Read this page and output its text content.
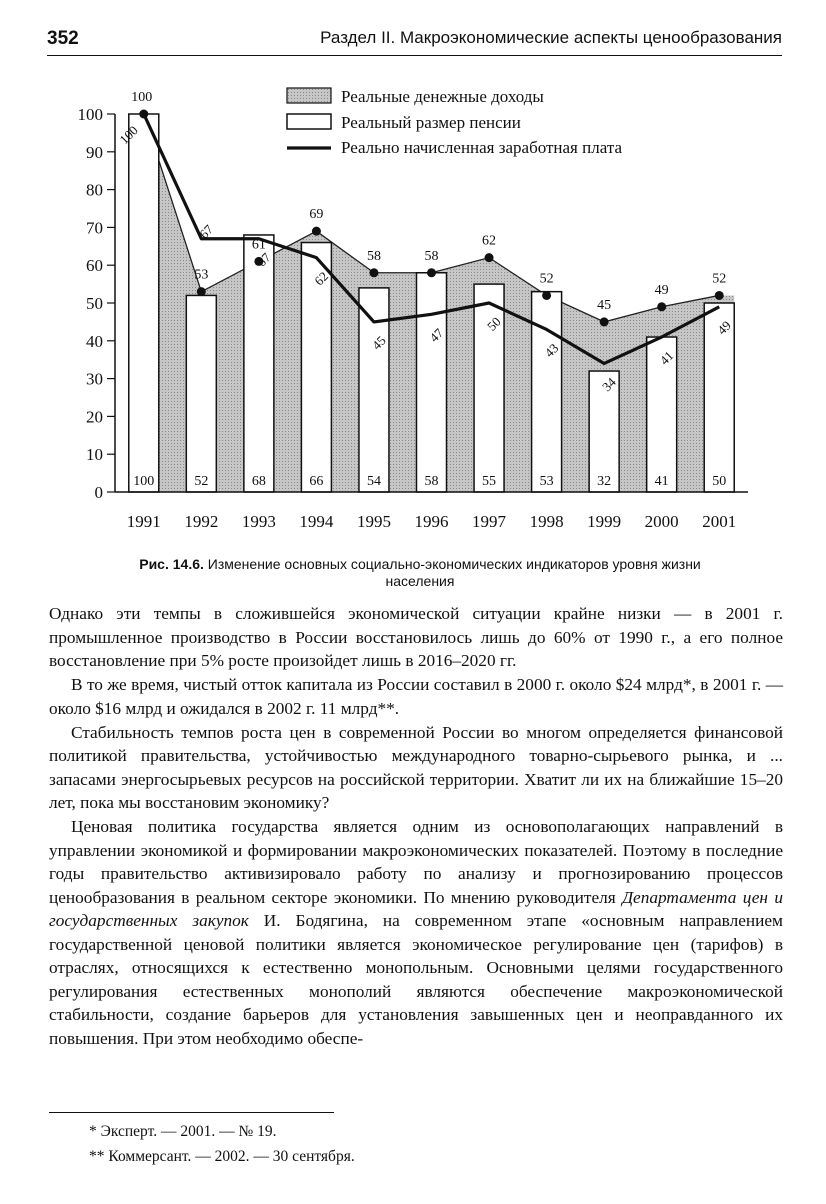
352	Раздел II. Макроэкономические аспекты ценообразования
100	52	68	66	54	58	55	53	32	41	50
0
10
20
30
40
50
60
70
80
90
100
1991 1992 1993 1994 1995 1996 1997 1998 1999 2000 2001
100
53
61
69
58	58
62
52
45
49
52
100
67
67
62
45	47
50
43
34
41
49
Реальные денежные доходы
Реальный размер пенсии
Реально начисленная заработная плата
Рис. 14.6. Изменение основных социально-экономических индикаторов уровня жизни
населения

Однако эти темпы в сложившейся экономической ситуации крайне низки — в 2001 г. промышленное производство в России восстановилось лишь до 60% от 1990 г., а его полное восстановление при 5% росте произойдет лишь в 2016–2020 гг.

В то же время, чистый отток капитала из России составил в 2000 г. около $24 млрд*, в 2001 г. — около $16 млрд и ожидался в 2002 г. 11 млрд**.

Стабильность темпов роста цен в современной России во многом определяется финансовой политикой правительства, устойчивостью международного товарно-сырьевого рынка, и ... запасами энергосырьевых ресурсов на российской территории. Хватит ли их на ближайшие 15–20 лет, пока мы восстановим экономику?

Ценовая политика государства является одним из основополагающих направлений в управлении экономикой и формировании макроэкономических показателей. Поэтому в последние годы правительство активизировало работу по анализу и прогнозированию процессов ценообразования в реальном секторе экономики. По мнению руководителя Департамента цен и государственных закупок И. Бодягина, на современном этапе «основным направлением государственной ценовой политики является экономическое регулирование цен (тарифов) в отраслях, относящихся к естественно монопольным. Основными целями государственного регулирования естественных монополий являются обеспечение макроэкономической стабильности, создание барьеров для установления завышенных цен и неоправданного их повышения. При этом необходимо обеспе-

* Эксперт. — 2001. — № 19.
** Коммерсант. — 2002. — 30 сентября.
